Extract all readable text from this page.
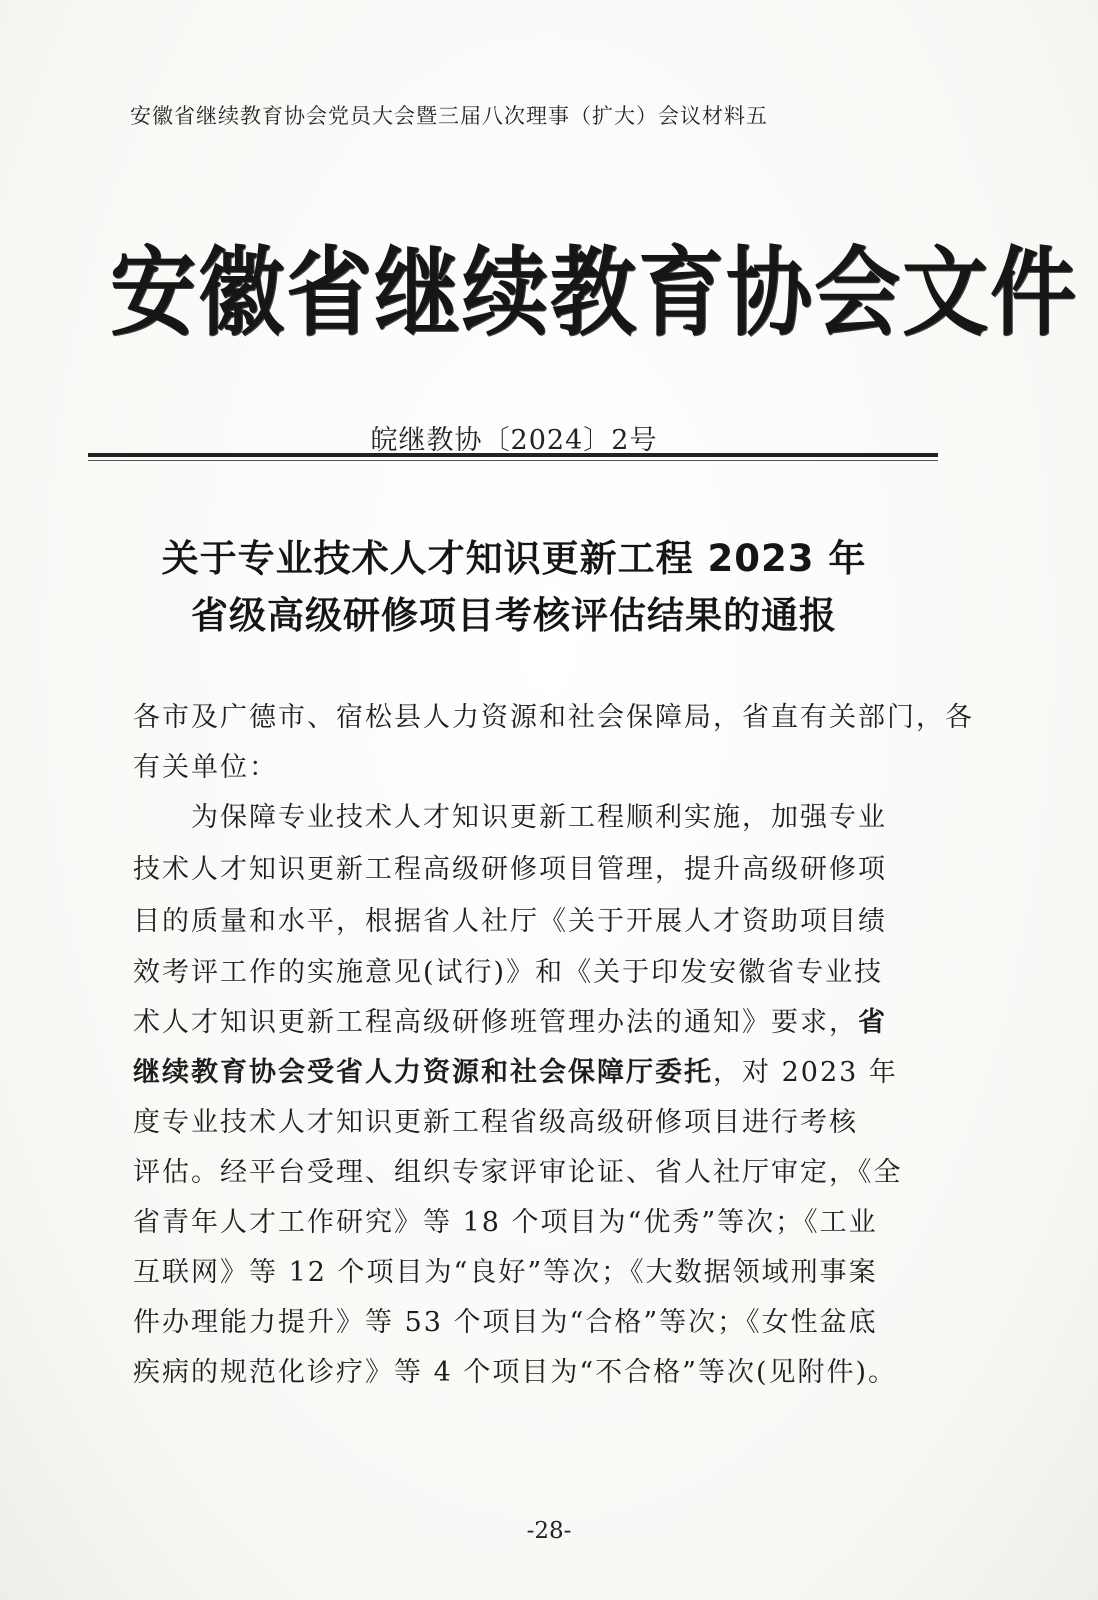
安徽省继续教育协会党员大会暨三届八次理事（扩大）会议材料五
安徽省继续教育协会文件
皖继教协〔2024〕2号
关于专业技术人才知识更新工程 2023 年
省级高级研修项目考核评估结果的通报
各市及广德市、宿松县人力资源和社会保障局，省直有关部门，各
有关单位：
　　为保障专业技术人才知识更新工程顺利实施，加强专业
技术人才知识更新工程高级研修项目管理，提升高级研修项
目的质量和水平，根据省人社厅《关于开展人才资助项目绩
效考评工作的实施意见(试行)》和《关于印发安徽省专业技
术人才知识更新工程高级研修班管理办法的通知》要求，省
继续教育协会受省人力资源和社会保障厅委托，对 2023 年
度专业技术人才知识更新工程省级高级研修项目进行考核
评估。经平台受理、组织专家评审论证、省人社厅审定，《全
省青年人才工作研究》等 18 个项目为“优秀”等次；《工业
互联网》等 12 个项目为“良好”等次；《大数据领域刑事案
件办理能力提升》等 53 个项目为“合格”等次；《女性盆底
疾病的规范化诊疗》等 4 个项目为“不合格”等次(见附件)。
-28-
